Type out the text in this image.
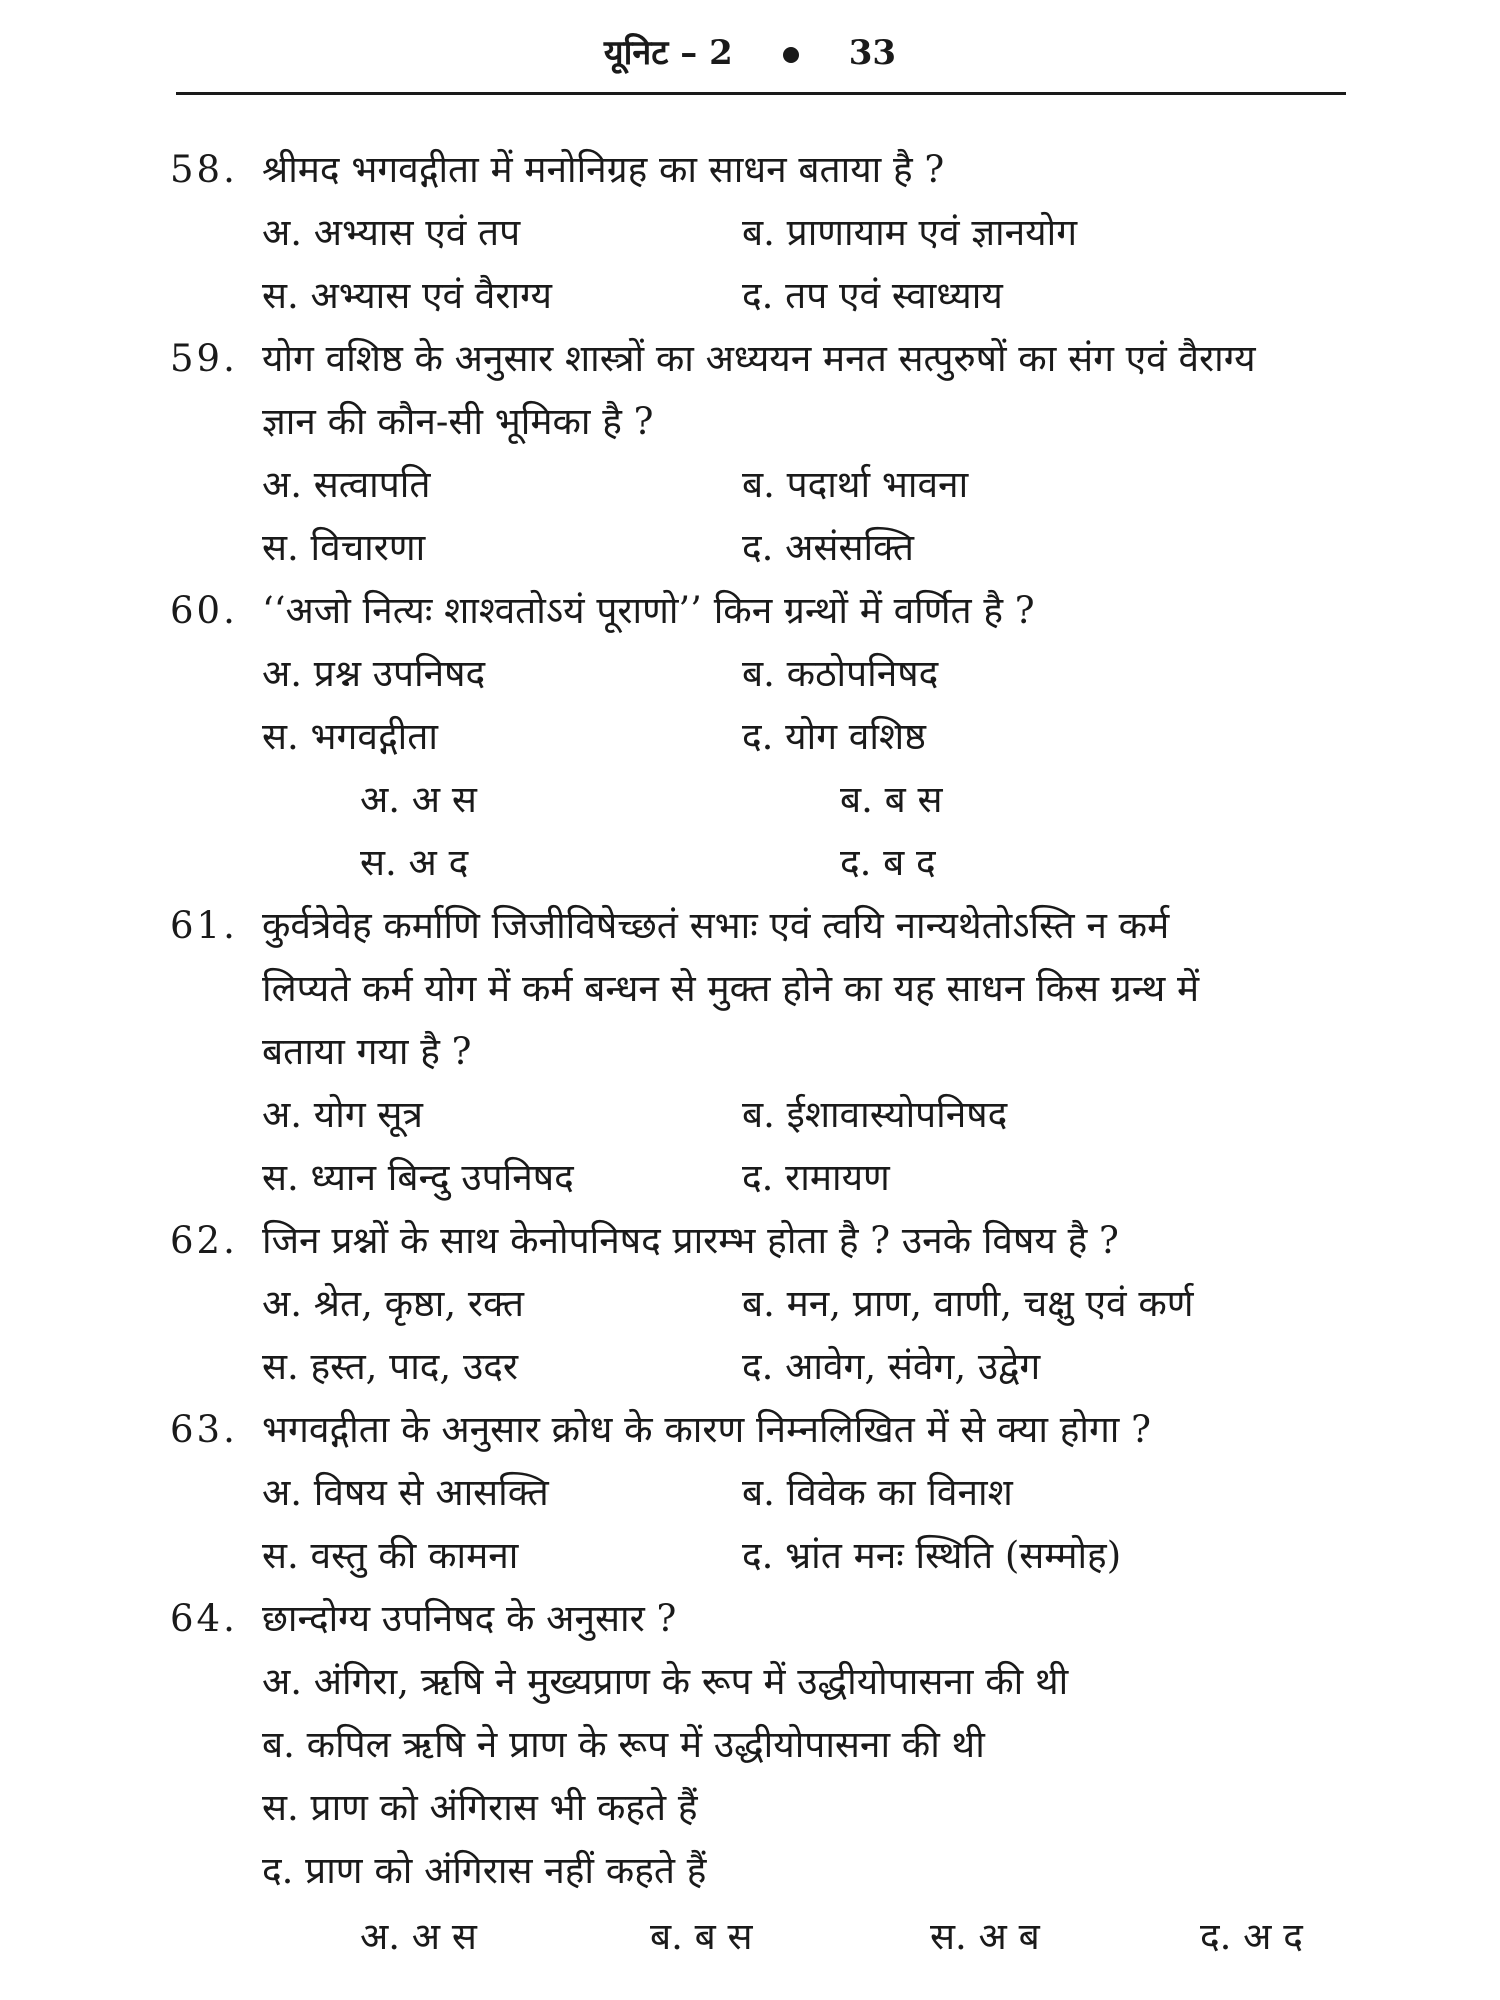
यूनिट – 2	33
58. श्रीमद भगवद्गीता में मनोनिग्रह का साधन बताया है ?
अ. अभ्यास एवं तप	ब. प्राणायाम एवं ज्ञानयोग
स. अभ्यास एवं वैराग्य	द. तप एवं स्वाध्याय
59. योग वशिष्ठ के अनुसार शास्त्रों का अध्ययन मनत सत्पुरुषों का संग एवं वैराग्य
ज्ञान की कौन-सी भूमिका है ?
अ. सत्वापति	ब. पदार्था भावना
स. विचारणा	द. असंसक्ति
60. ‘‘अजो नित्यः शाश्वतोऽयं पूराणो’’ किन ग्रन्थों में वर्णित है ?
अ. प्रश्न उपनिषद	ब. कठोपनिषद
स. भगवद्गीता	द. योग वशिष्ठ
अ. अ स	ब. ब स
स. अ द	द. ब द
61. कुर्वत्रेवेह कर्माणि जिजीविषेच्छतं सभाः एवं त्वयि नान्यथेतोऽस्ति न कर्म
लिप्यते कर्म योग में कर्म बन्धन से मुक्त होने का यह साधन किस ग्रन्थ में
बताया गया है ?
अ. योग सूत्र	ब. ईशावास्योपनिषद
स. ध्यान बिन्दु उपनिषद	द. रामायण
62. जिन प्रश्नों के साथ केनोपनिषद प्रारम्भ होता है ? उनके विषय है ?
अ. श्रेत, कृष्ठा, रक्त	ब. मन, प्राण, वाणी, चक्षु एवं कर्ण
स. हस्त, पाद, उदर	द. आवेग, संवेग, उद्वेग
63. भगवद्गीता के अनुसार क्रोध के कारण निम्नलिखित में से क्या होगा ?
अ. विषय से आसक्ति	ब. विवेक का विनाश
स. वस्तु की कामना	द. भ्रांत मनः स्थिति (सम्मोह)
64. छान्दोग्य उपनिषद के अनुसार ?
अ. अंगिरा, ऋषि ने मुख्यप्राण के रूप में उद्धीयोपासना की थी
ब. कपिल ऋषि ने प्राण के रूप में उद्धीयोपासना की थी
स. प्राण को अंगिरास भी कहते हैं
द. प्राण को अंगिरास नहीं कहते हैं
अ. अ स	ब. ब स	स. अ ब	द. अ द
